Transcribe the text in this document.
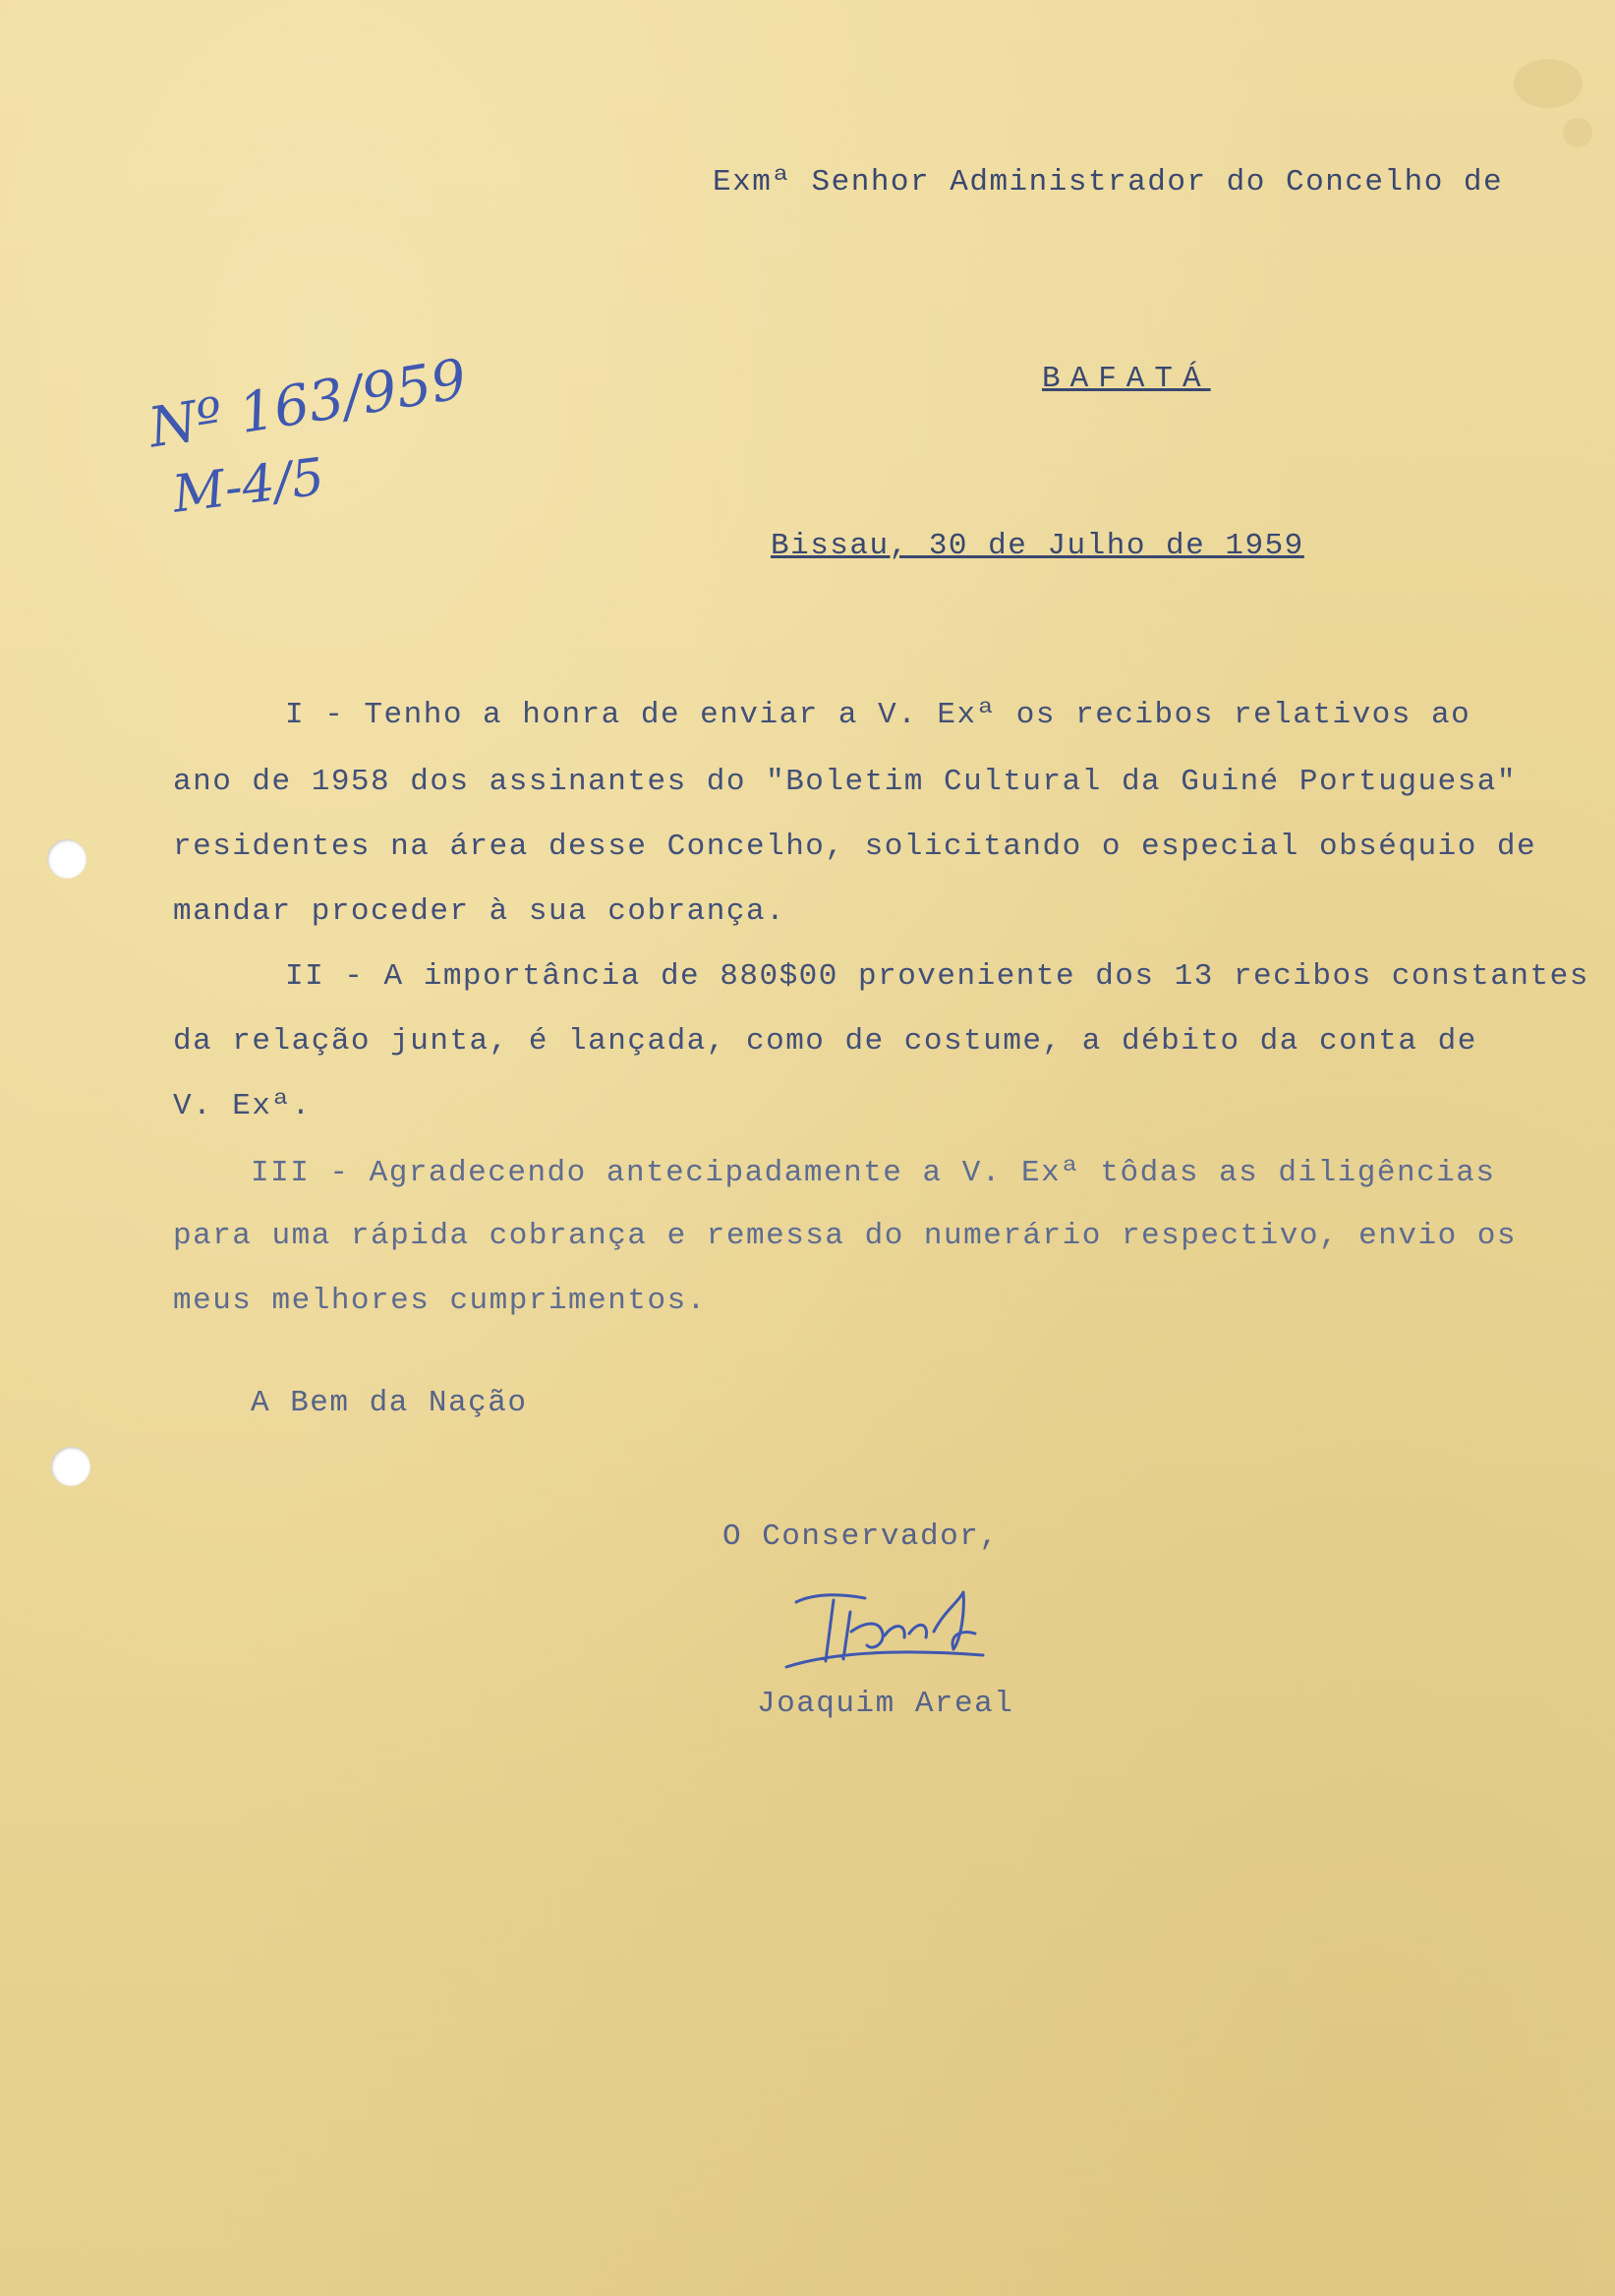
Exmª Senhor Administrador do Concelho de
BAFATÁ
Nº 163/959
M-4/5
Bissau, 30 de Julho de 1959
I - Tenho a honra de enviar a V. Exª os recibos relativos ao
ano de 1958 dos assinantes do "Boletim Cultural da Guiné Portuguesa"
residentes na área desse Concelho, solicitando o especial obséquio de
mandar proceder à sua cobrança.
II - A importância de 880$00 proveniente dos 13 recibos constantes
da relação junta, é lançada, como de costume, a débito da conta de
V. Exª.
III - Agradecendo antecipadamente a V. Exª tôdas as diligências
para uma rápida cobrança e remessa do numerário respectivo, envio os
meus melhores cumprimentos.
A Bem da Nação
O Conservador,
Joaquim Areal
